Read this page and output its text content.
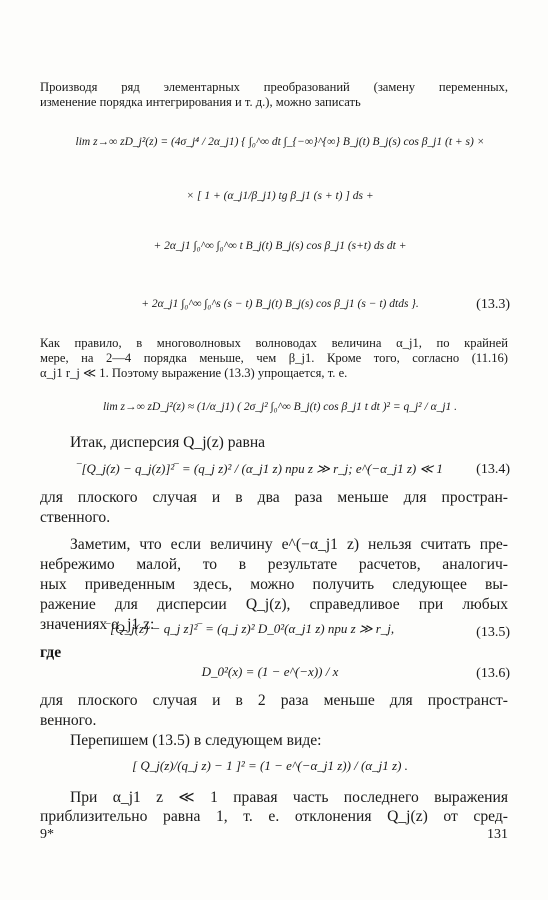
Производя ряд элементарных преобразований (замену переменных,
изменение порядка интегрирования и т. д.), можно записать
lim z→∞ zD_j²(z) = (4σ_j⁴ / 2α_j1) { ∫₀^∞ dt ∫_{−∞}^{∞} B_j(t) B_j(s) cos β_j1 (t + s) ×
× [ 1 + (α_j1/β_j1) tg β_j1 (s + t) ] ds +
+ 2α_j1 ∫₀^∞ ∫₀^∞ t B_j(t) B_j(s) cos β_j1 (s+t) ds dt +
+ 2α_j1 ∫₀^∞ ∫₀^s (s − t) B_j(t) B_j(s) cos β_j1 (s − t) dtds }.	(13.3)
Как правило, в многоволновых волноводах величина α_j1, по крайней
мере, на 2—4 порядка меньше, чем β_j1. Кроме того, согласно (11.16)
α_j1 r_j ≪ 1. Поэтому выражение (13.3) упрощается, т. е.
lim z→∞ zD_j²(z) ≈ (1/α_j1) ( 2σ_j² ∫₀^∞ B_j(t) cos β_j1 t dt )² = q_j² / α_j1 .
Итак, дисперсия Q_j(z) равна
‾[Q_j(z) − q_j(z)]²‾ = (q_j z)² / (α_j1 z) при z ≫ r_j; e^(−α_j1 z) ≪ 1	(13.4)
для плоского случая и в два раза меньше для простран-
ственного.
Заметим, что если величину e^(−α_j1 z) нельзя считать пре-
небрежимо малой, то в результате расчетов, аналогич-
ных приведенным здесь, можно получить следующее вы-
ражение для дисперсии Q_j(z), справедливое при любых
значениях α_j1 z:
‾[Q_j(z) − q_j z]²‾ = (q_j z)² D_0²(α_j1 z) при z ≫ r_j,	(13.5)
где
D_0²(x) = (1 − e^(−x)) / x	(13.6)
для плоского случая и в 2 раза меньше для пространст-
венного.
Перепишем (13.5) в следующем виде:
[ Q_j(z)/(q_j z) − 1 ]² = (1 − e^(−α_j1 z)) / (α_j1 z) .
При α_j1 z ≪ 1 правая часть последнего выражения
приблизительно равна 1, т. е. отклонения Q_j(z) от сред-
9*	131
